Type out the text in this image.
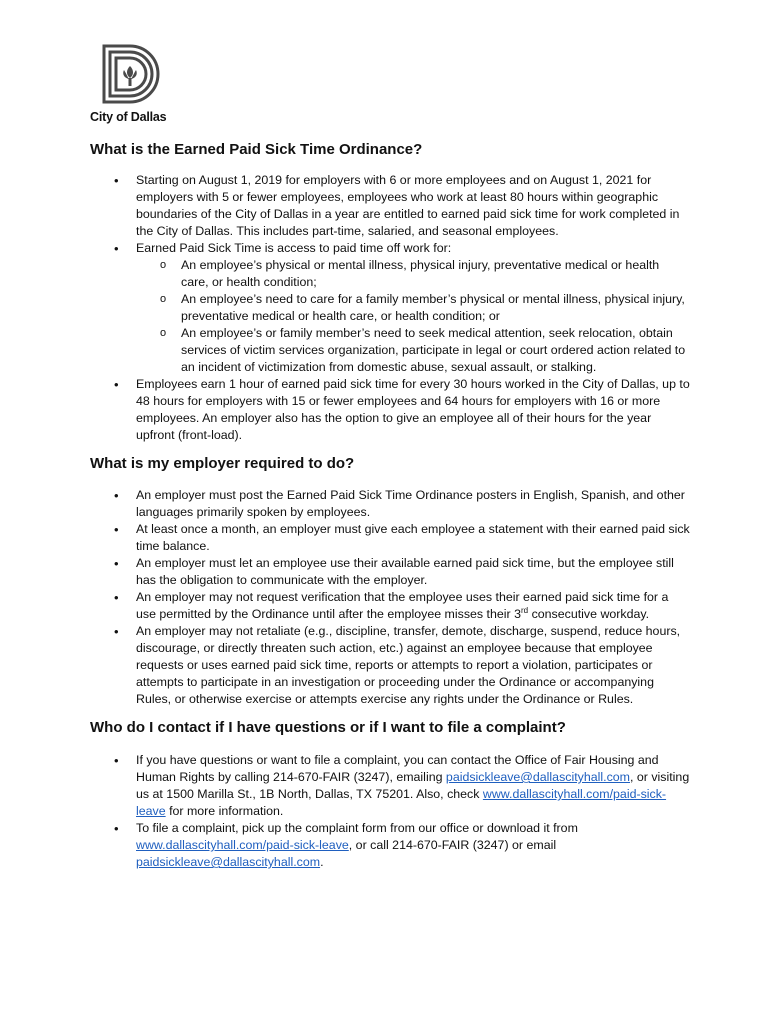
City of Dallas
What is the Earned Paid Sick Time Ordinance?
• Starting on August 1, 2019 for employers with 6 or more employees and on August 1, 2021 for employers with 5 or fewer employees, employees who work at least 80 hours within geographic boundaries of the City of Dallas in a year are entitled to earned paid sick time for work completed in the City of Dallas. This includes part-time, salaried, and seasonal employees.
• Earned Paid Sick Time is access to paid time off work for:
o An employee’s physical or mental illness, physical injury, preventative medical or health care, or health condition;
o An employee’s need to care for a family member’s physical or mental illness, physical injury, preventative medical or health care, or health condition; or
o An employee’s or family member’s need to seek medical attention, seek relocation, obtain services of victim services organization, participate in legal or court ordered action related to an incident of victimization from domestic abuse, sexual assault, or stalking.
• Employees earn 1 hour of earned paid sick time for every 30 hours worked in the City of Dallas, up to 48 hours for employers with 15 or fewer employees and 64 hours for employers with 16 or more employees. An employer also has the option to give an employee all of their hours for the year upfront (front-load).
What is my employer required to do?
• An employer must post the Earned Paid Sick Time Ordinance posters in English, Spanish, and other languages primarily spoken by employees.
• At least once a month, an employer must give each employee a statement with their earned paid sick time balance.
• An employer must let an employee use their available earned paid sick time, but the employee still has the obligation to communicate with the employer.
• An employer may not request verification that the employee uses their earned paid sick time for a use permitted by the Ordinance until after the employee misses their 3rd consecutive workday.
• An employer may not retaliate (e.g., discipline, transfer, demote, discharge, suspend, reduce hours, discourage, or directly threaten such action, etc.) against an employee because that employee requests or uses earned paid sick time, reports or attempts to report a violation, participates or attempts to participate in an investigation or proceeding under the Ordinance or accompanying Rules, or otherwise exercise or attempts exercise any rights under the Ordinance or Rules.
Who do I contact if I have questions or if I want to file a complaint?
• If you have questions or want to file a complaint, you can contact the Office of Fair Housing and Human Rights by calling 214-670-FAIR (3247), emailing paidsickleave@dallascityhall.com, or visiting us at 1500 Marilla St., 1B North, Dallas, TX 75201. Also, check www.dallascityhall.com/paid-sick-leave for more information.
• To file a complaint, pick up the complaint form from our office or download it from www.dallascityhall.com/paid-sick-leave, or call 214-670-FAIR (3247) or email paidsickleave@dallascityhall.com.
